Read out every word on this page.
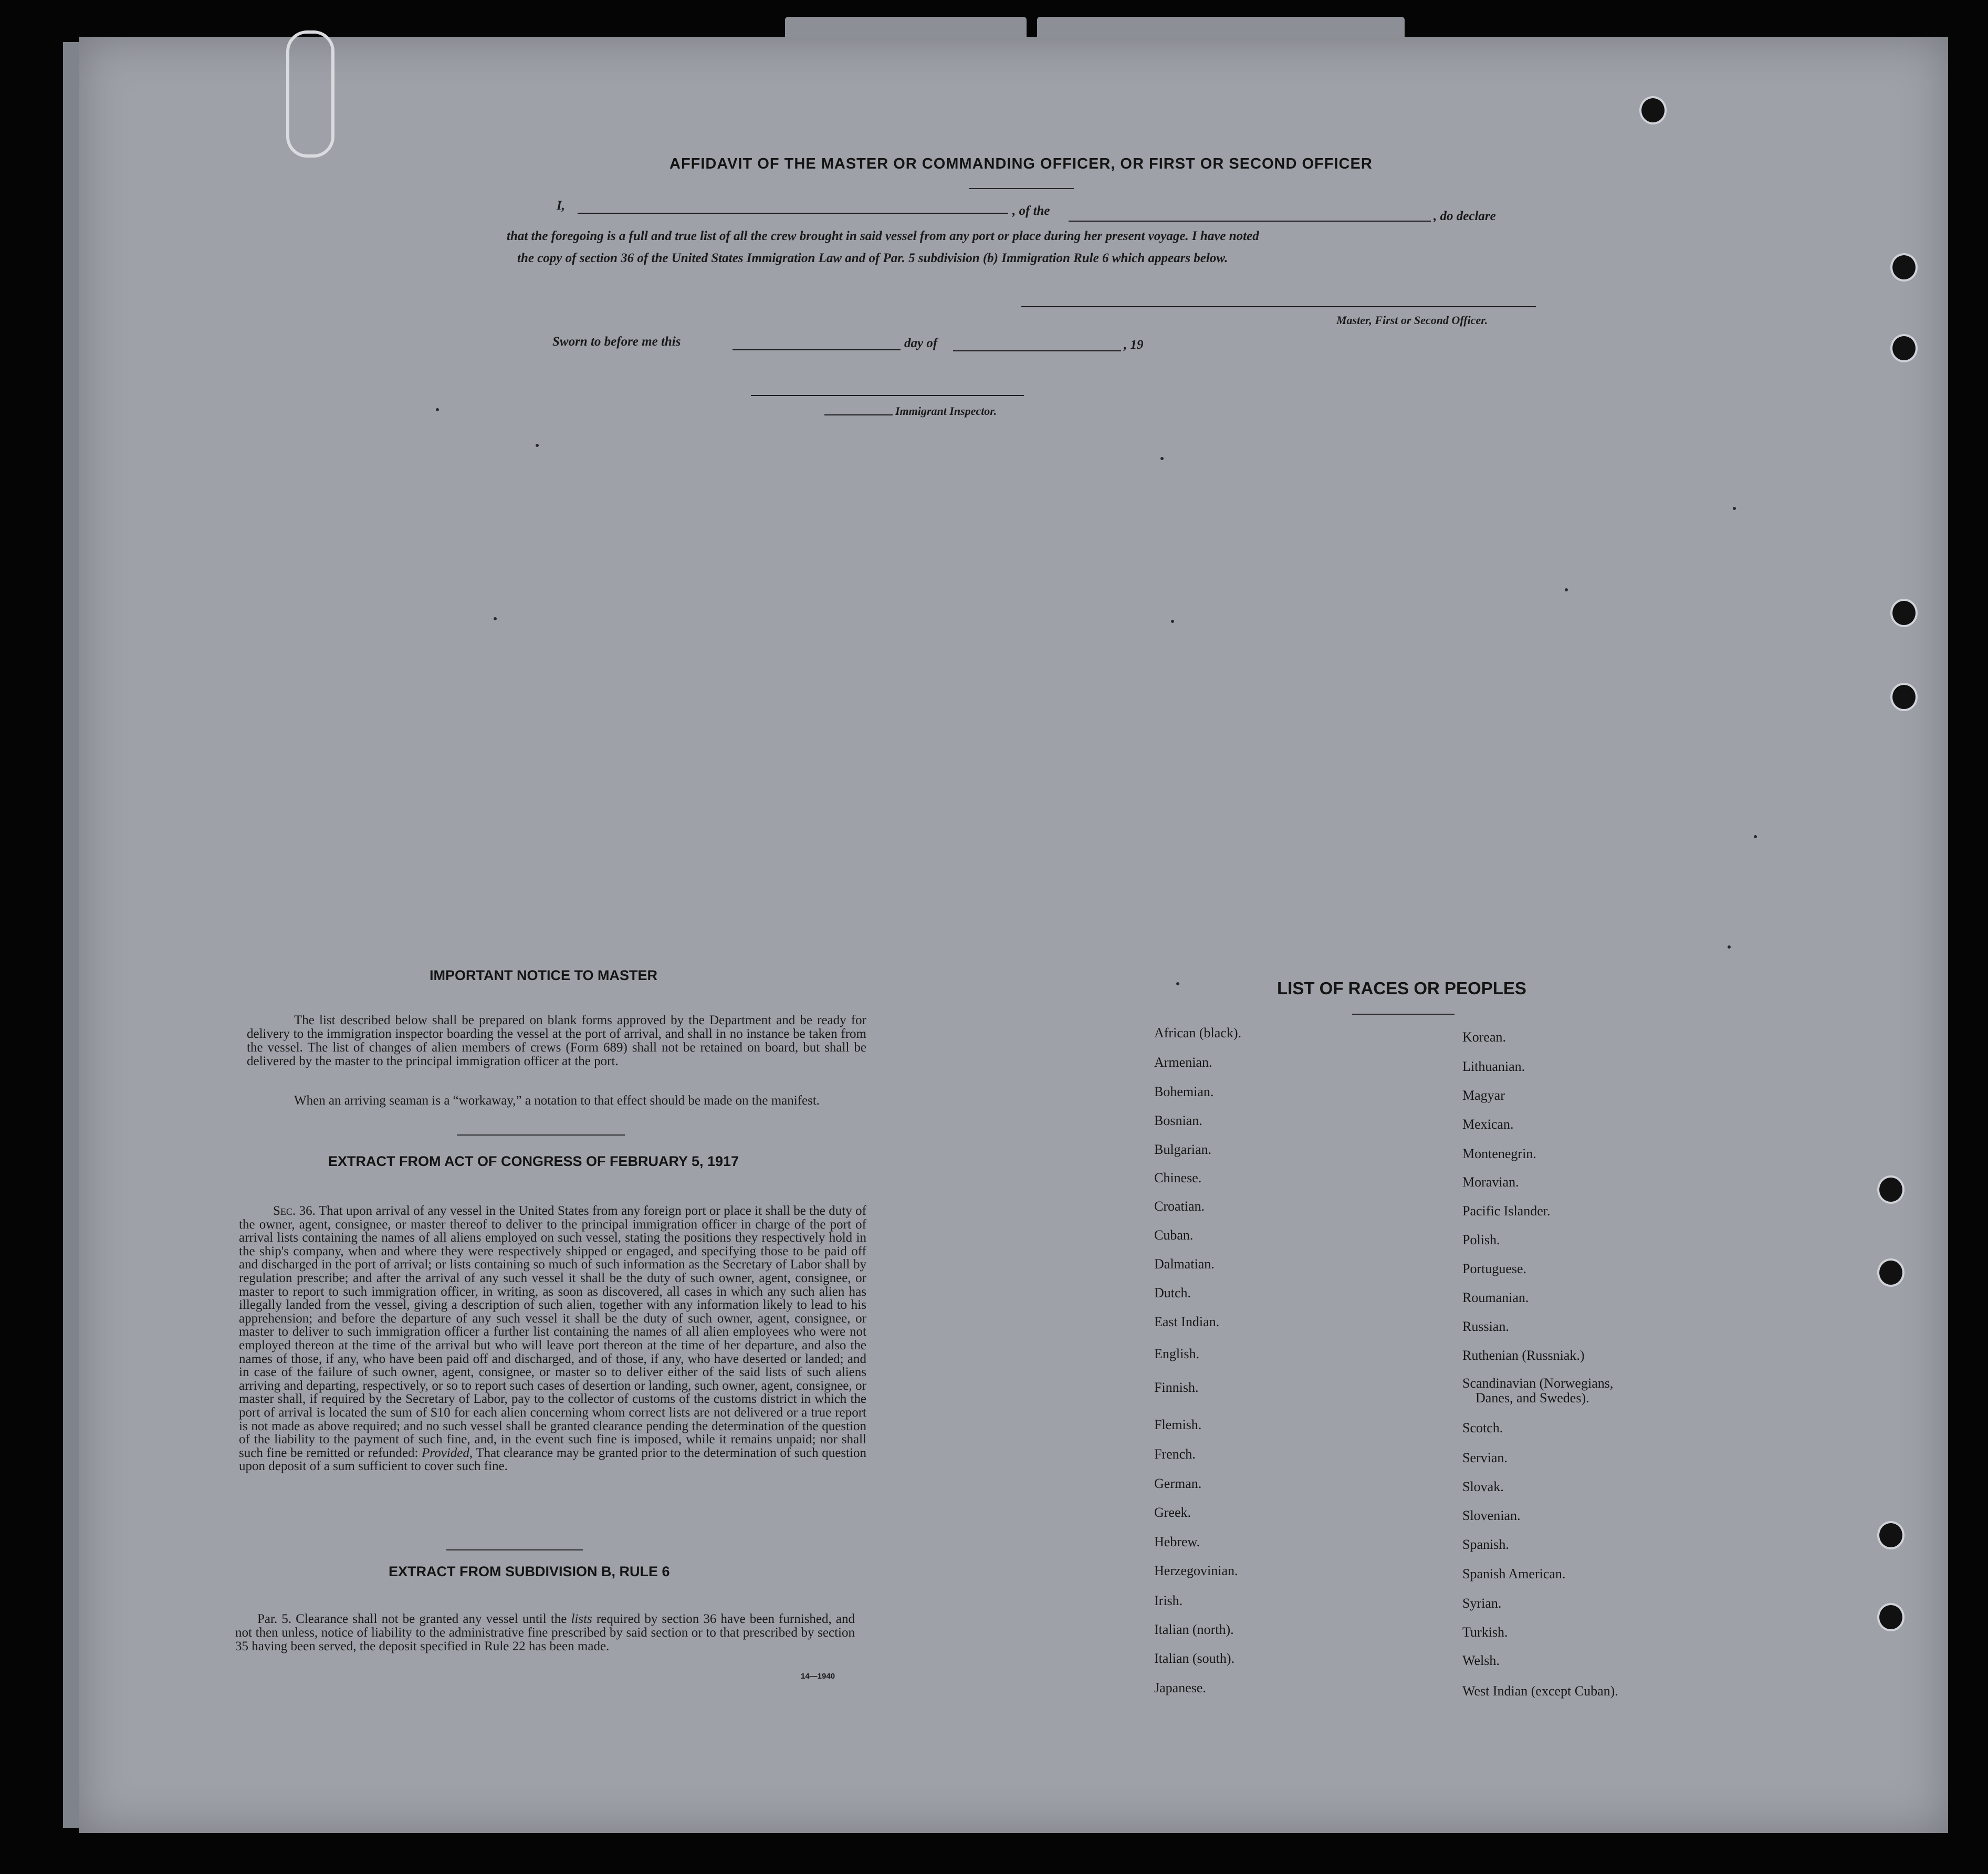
AFFIDAVIT OF THE MASTER OR COMMANDING OFFICER, OR FIRST OR SECOND OFFICER
I,	, of the	, do declare
that the foregoing is a full and true list of all the crew brought in said vessel from any port or place during her present voyage. I have noted
the copy of section 36 of the United States Immigration Law and of Par. 5 subdivision (b) Immigration Rule 6 which appears below.
Master, First or Second Officer.
Sworn to before me this	day of	, 19
Immigrant Inspector.
IMPORTANT NOTICE TO MASTER
The list described below shall be prepared on blank forms approved by the Department and be ready for delivery to the immigration inspector boarding the vessel at the port of arrival, and shall in no instance be taken from the vessel. The list of changes of alien members of crews (Form 689) shall not be retained on board, but shall be delivered by the master to the principal immigration officer at the port.
When an arriving seaman is a “workaway,” a notation to that effect should be made on the manifest.
EXTRACT FROM ACT OF CONGRESS OF FEBRUARY 5, 1917
Sec. 36. That upon arrival of any vessel in the United States from any foreign port or place it shall be the duty of the owner, agent, consignee, or master thereof to deliver to the principal immigration officer in charge of the port of arrival lists containing the names of all aliens employed on such vessel, stating the positions they respectively hold in the ship's company, when and where they were respectively shipped or engaged, and specifying those to be paid off and discharged in the port of arrival; or lists containing so much of such information as the Secretary of Labor shall by regulation prescribe; and after the arrival of any such vessel it shall be the duty of such owner, agent, consignee, or master to report to such immigration officer, in writing, as soon as discovered, all cases in which any such alien has illegally landed from the vessel, giving a description of such alien, together with any information likely to lead to his apprehension; and before the departure of any such vessel it shall be the duty of such owner, agent, consignee, or master to deliver to such immigration officer a further list containing the names of all alien employees who were not employed thereon at the time of the arrival but who will leave port thereon at the time of her departure, and also the names of those, if any, who have been paid off and discharged, and of those, if any, who have deserted or landed; and in case of the failure of such owner, agent, consignee, or master so to deliver either of the said lists of such aliens arriving and departing, respectively, or so to report such cases of desertion or landing, such owner, agent, consignee, or master shall, if required by the Secretary of Labor, pay to the collector of customs of the customs district in which the port of arrival is located the sum of $10 for each alien concerning whom correct lists are not delivered or a true report is not made as above required; and no such vessel shall be granted clearance pending the determination of the question of the liability to the payment of such fine, and, in the event such fine is imposed, while it remains unpaid; nor shall such fine be remitted or refunded: Provided, That clearance may be granted prior to the determination of such question upon deposit of a sum sufficient to cover such fine.
EXTRACT FROM SUBDIVISION B, RULE 6
Par. 5. Clearance shall not be granted any vessel until the lists required by section 36 have been furnished, and not then unless, notice of liability to the administrative fine prescribed by said section or to that prescribed by section 35 having been served, the deposit specified in Rule 22 has been made.
14—1940
LIST OF RACES OR PEOPLES
African (black).
Armenian.
Bohemian.
Bosnian.
Bulgarian.
Chinese.
Croatian.
Cuban.
Dalmatian.
Dutch.
East Indian.
English.
Finnish.
Flemish.
French.
German.
Greek.
Hebrew.
Herzegovinian.
Irish.
Italian (north).
Italian (south).
Japanese.
Korean.
Lithuanian.
Magyar
Mexican.
Montenegrin.
Moravian.
Pacific Islander.
Polish.
Portuguese.
Roumanian.
Russian.
Ruthenian (Russniak.)
Scandinavian (Norwegians,
Danes, and Swedes).
Scotch.
Servian.
Slovak.
Slovenian.
Spanish.
Spanish American.
Syrian.
Turkish.
Welsh.
West Indian (except Cuban).
